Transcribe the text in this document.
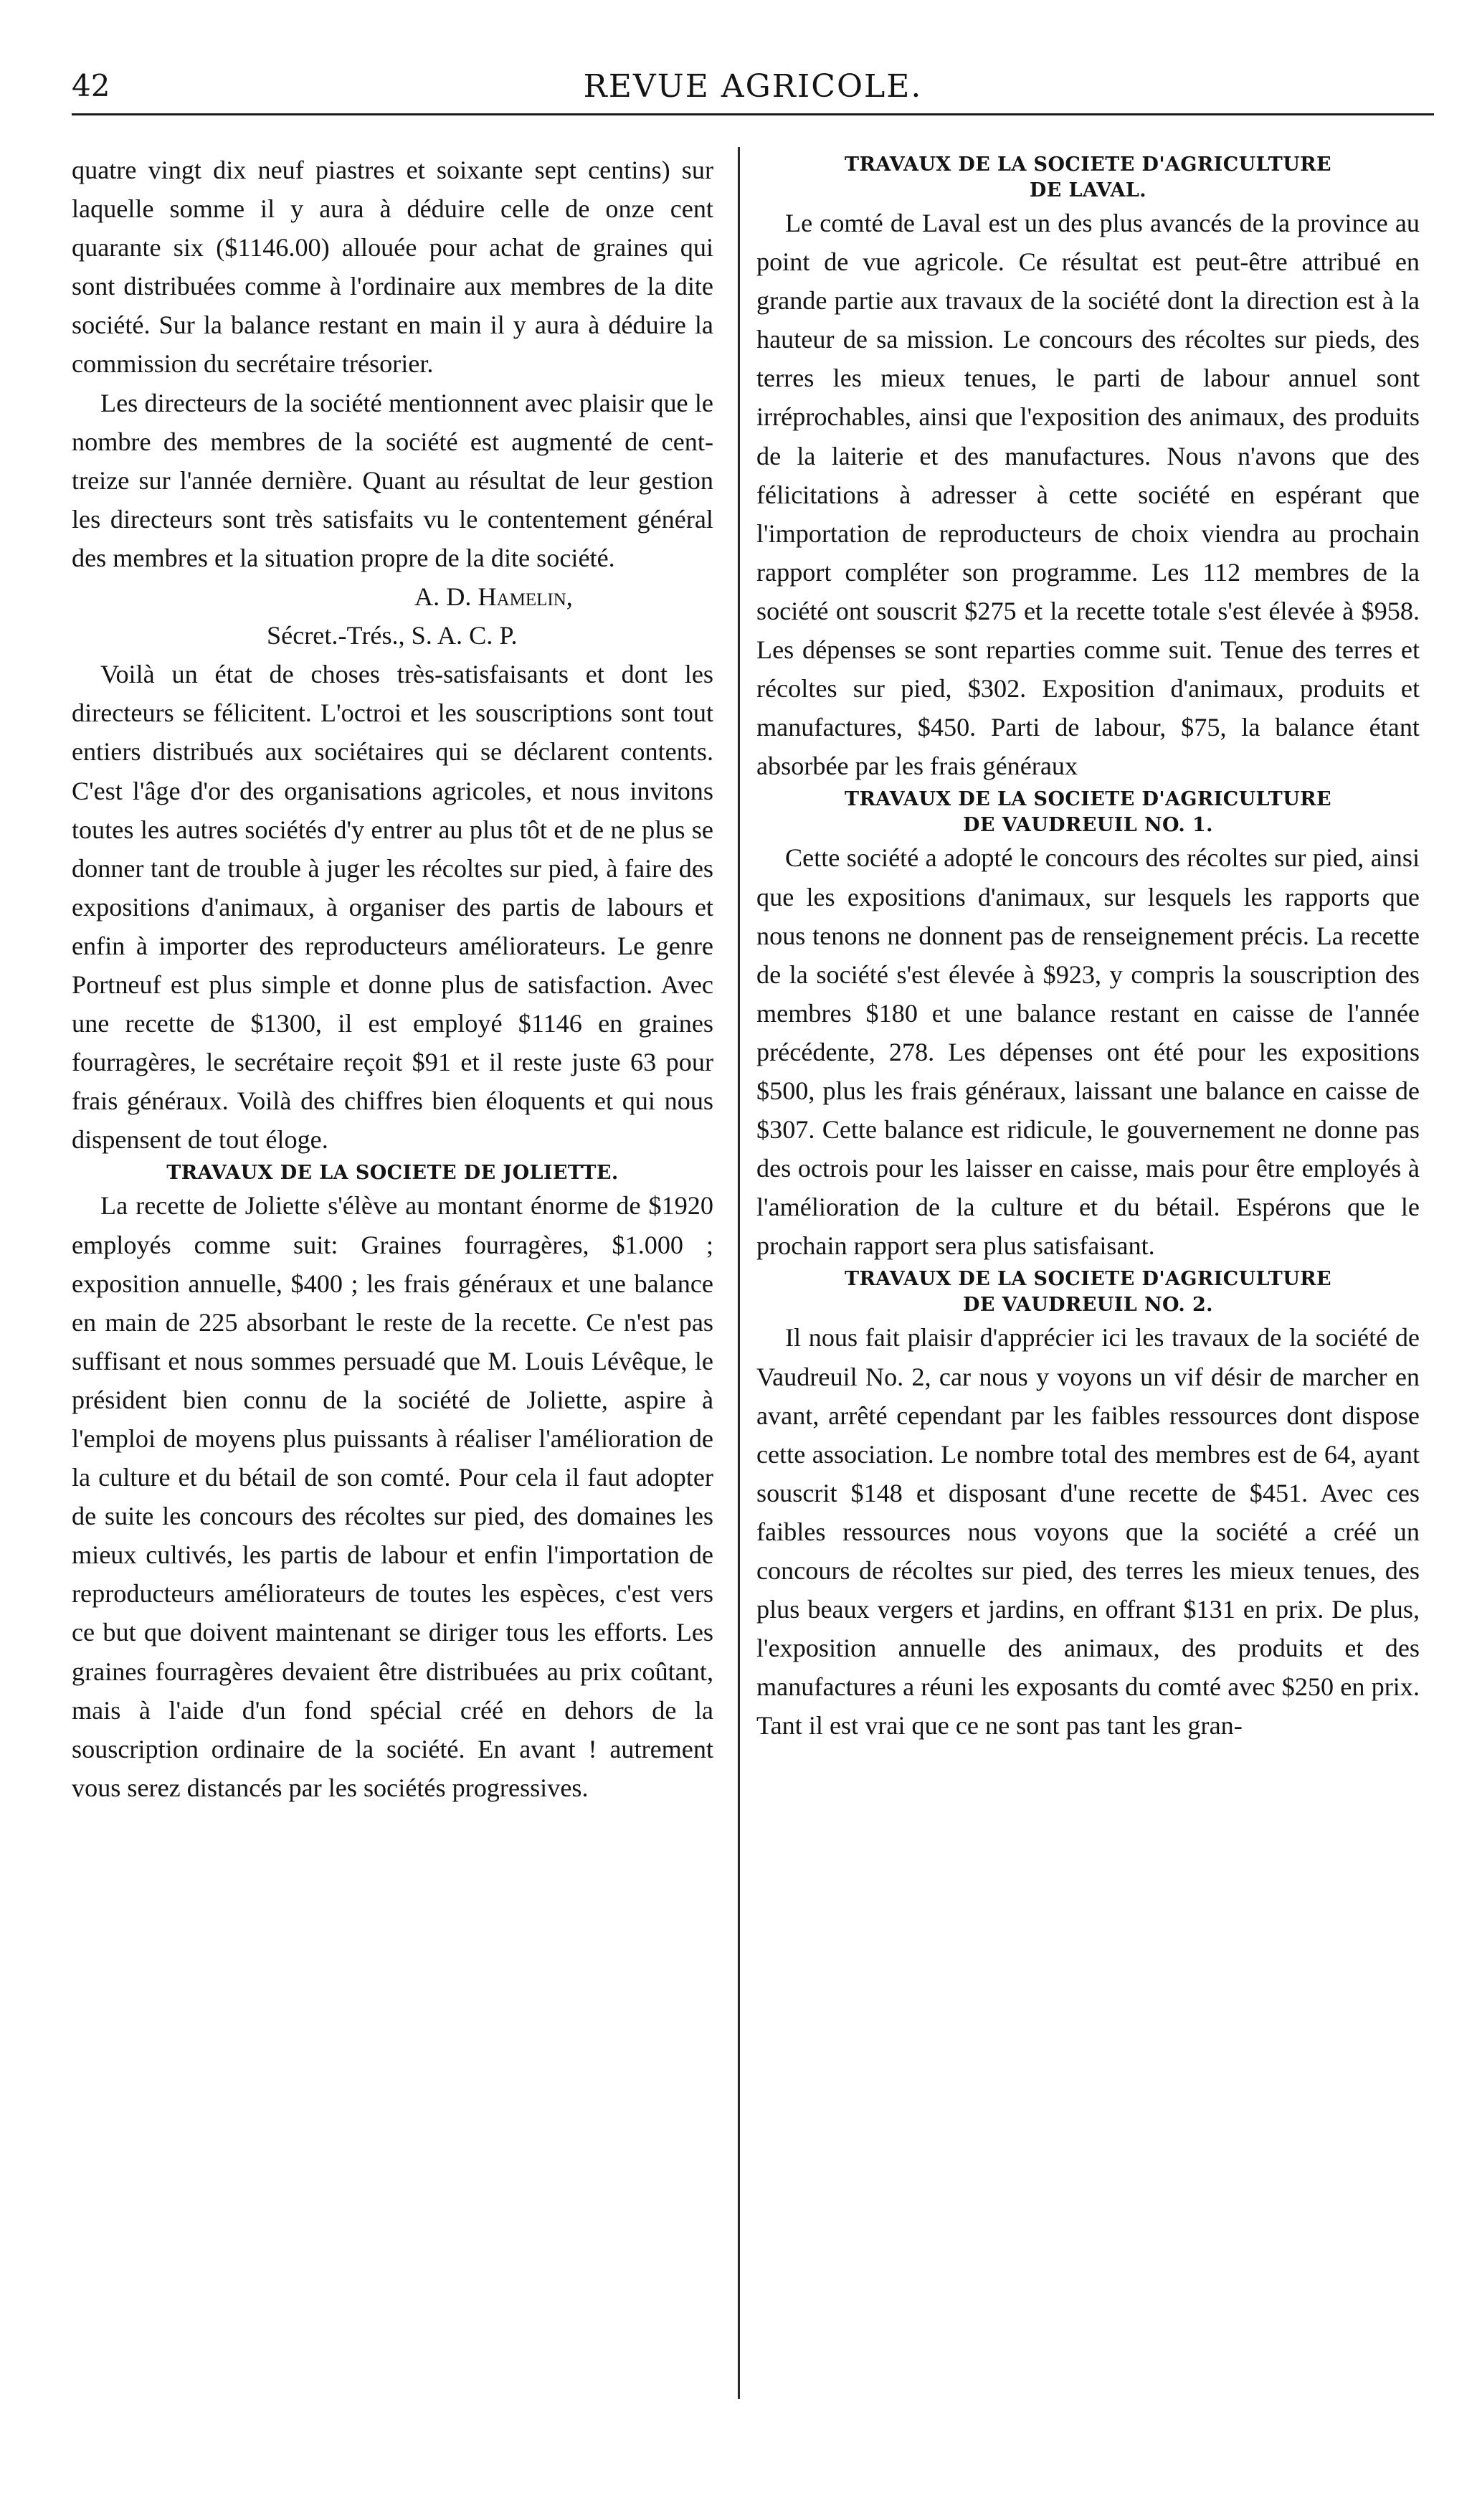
42	REVUE AGRICOLE.

quatre vingt dix neuf piastres et soixante sept centins) sur laquelle somme il y aura à déduire celle de onze cent quarante six ($1146.00) allouée pour achat de graines qui sont distribuées comme à l'ordinaire aux membres de la dite société. Sur la balance restant en main il y aura à déduire la commission du secrétaire trésorier.

Les directeurs de la société mentionnent avec plaisir que le nombre des membres de la société est augmenté de cent-treize sur l'année dernière. Quant au résultat de leur gestion les directeurs sont très satisfaits vu le contentement général des membres et la situation propre de la dite société.

A. D. Hamelin,

Sécret.-Trés., S. A. C. P.

Voilà un état de choses très-satisfaisants et dont les directeurs se félicitent. L'octroi et les souscriptions sont tout entiers distribués aux sociétaires qui se déclarent contents. C'est l'âge d'or des organisations agricoles, et nous invitons toutes les autres sociétés d'y entrer au plus tôt et de ne plus se donner tant de trouble à juger les récoltes sur pied, à faire des expositions d'animaux, à organiser des partis de labours et enfin à importer des reproducteurs améliorateurs. Le genre Portneuf est plus simple et donne plus de satisfaction. Avec une recette de $1300, il est employé $1146 en graines fourragères, le secrétaire reçoit $91 et il reste juste 63 pour frais généraux. Voilà des chiffres bien éloquents et qui nous dispensent de tout éloge.

TRAVAUX DE LA SOCIETE DE JOLIETTE.

La recette de Joliette s'élève au montant énorme de $1920 employés comme suit: Graines fourragères, $1.000 ; exposition annuelle, $400 ; les frais généraux et une balance en main de 225 absorbant le reste de la recette. Ce n'est pas suffisant et nous sommes persuadé que M. Louis Lévêque, le président bien connu de la société de Joliette, aspire à l'emploi de moyens plus puissants à réaliser l'amélioration de la culture et du bétail de son comté. Pour cela il faut adopter de suite les concours des récoltes sur pied, des domaines les mieux cultivés, les partis de labour et enfin l'importation de reproducteurs améliorateurs de toutes les espèces, c'est vers ce but que doivent maintenant se diriger tous les efforts. Les graines fourragères devaient être distribuées au prix coûtant, mais à l'aide d'un fond spécial créé en dehors de la souscription ordinaire de la société. En avant ! autrement vous serez distancés par les sociétés progressives.

TRAVAUX DE LA SOCIETE D'AGRICULTURE
DE LAVAL.

Le comté de Laval est un des plus avancés de la province au point de vue agricole. Ce résultat est peut-être attribué en grande partie aux travaux de la société dont la direction est à la hauteur de sa mission. Le concours des récoltes sur pieds, des terres les mieux tenues, le parti de labour annuel sont irréprochables, ainsi que l'exposition des animaux, des produits de la laiterie et des manufactures. Nous n'avons que des félicitations à adresser à cette société en espérant que l'importation de reproducteurs de choix viendra au prochain rapport compléter son programme. Les 112 membres de la société ont souscrit $275 et la recette totale s'est élevée à $958. Les dépenses se sont reparties comme suit. Tenue des terres et récoltes sur pied, $302. Exposition d'animaux, produits et manufactures, $450. Parti de labour, $75, la balance étant absorbée par les frais généraux

TRAVAUX DE LA SOCIETE D'AGRICULTURE
DE VAUDREUIL NO. 1.

Cette société a adopté le concours des récoltes sur pied, ainsi que les expositions d'animaux, sur lesquels les rapports que nous tenons ne donnent pas de renseignement précis. La recette de la société s'est élevée à $923, y compris la souscription des membres $180 et une balance restant en caisse de l'année précédente, 278. Les dépenses ont été pour les expositions $500, plus les frais généraux, laissant une balance en caisse de $307. Cette balance est ridicule, le gouvernement ne donne pas des octrois pour les laisser en caisse, mais pour être employés à l'amélioration de la culture et du bétail. Espérons que le prochain rapport sera plus satisfaisant.

TRAVAUX DE LA SOCIETE D'AGRICULTURE
DE VAUDREUIL NO. 2.

Il nous fait plaisir d'apprécier ici les travaux de la société de Vaudreuil No. 2, car nous y voyons un vif désir de marcher en avant, arrêté cependant par les faibles ressources dont dispose cette association. Le nombre total des membres est de 64, ayant souscrit $148 et disposant d'une recette de $451. Avec ces faibles ressources nous voyons que la société a créé un concours de récoltes sur pied, des terres les mieux tenues, des plus beaux vergers et jardins, en offrant $131 en prix. De plus, l'exposition annuelle des animaux, des produits et des manufactures a réuni les exposants du comté avec $250 en prix. Tant il est vrai que ce ne sont pas tant les gran-
